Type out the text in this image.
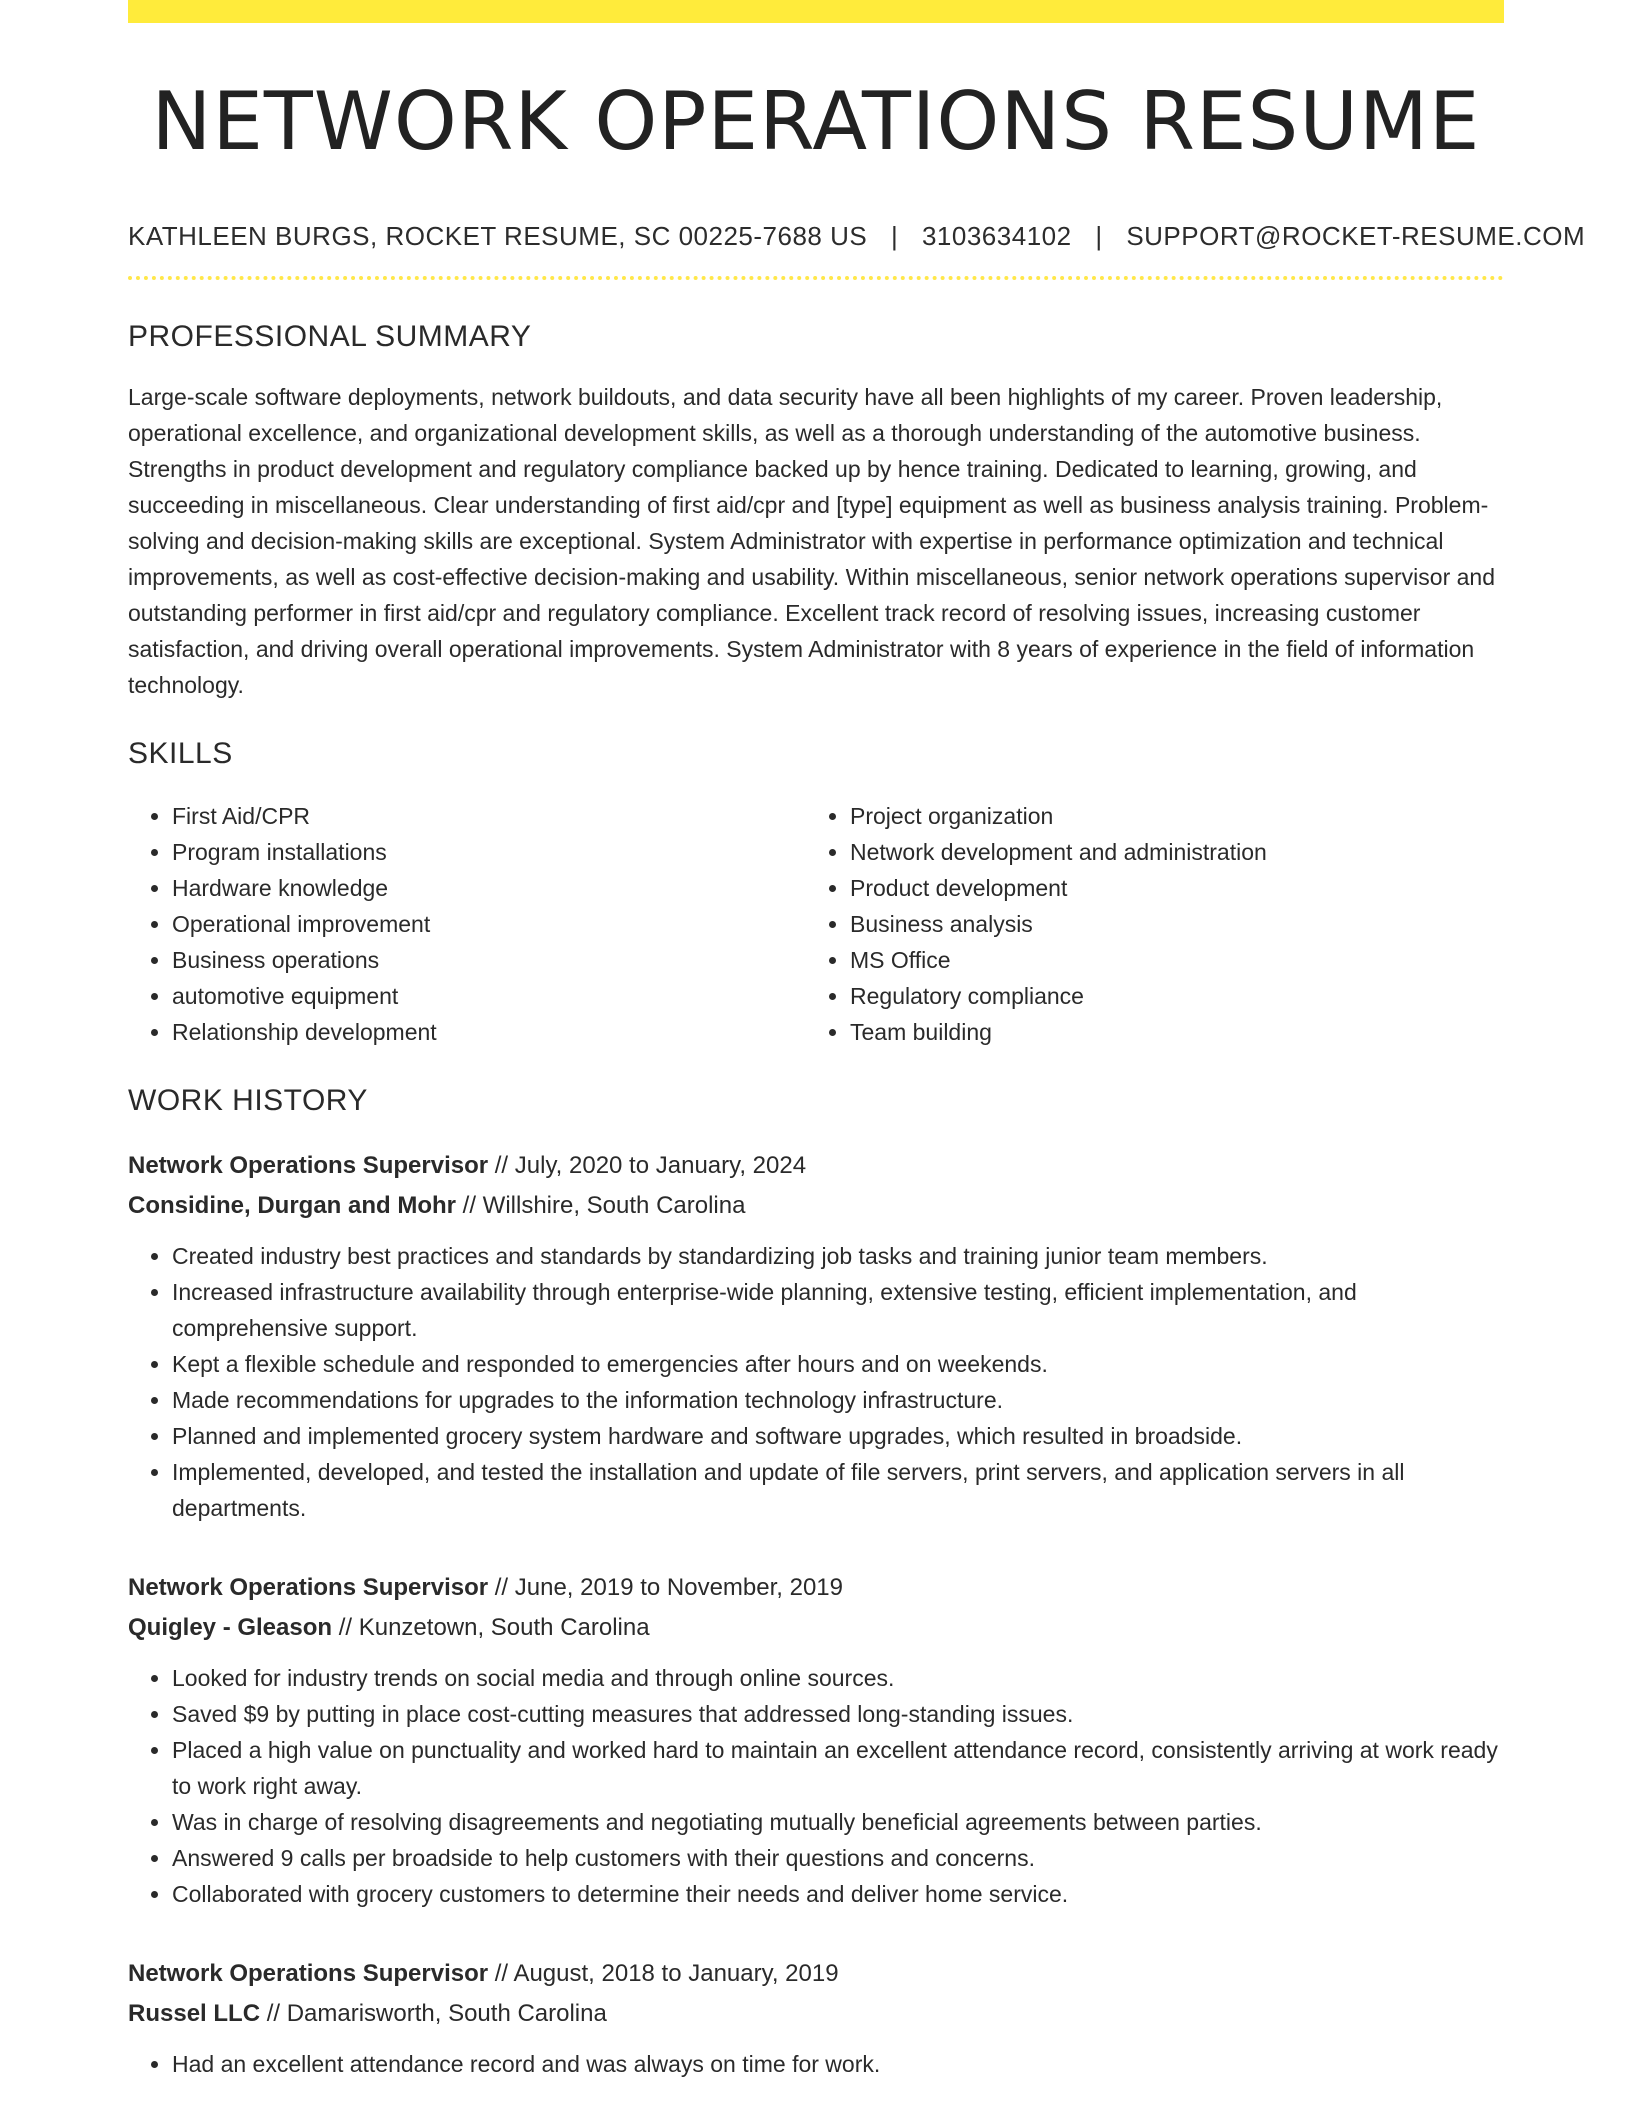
NETWORK OPERATIONS RESUME
KATHLEEN BURGS, ROCKET RESUME, SC 00225-7688 US | 3103634102 | SUPPORT@ROCKET-RESUME.COM
PROFESSIONAL SUMMARY

Large-scale software deployments, network buildouts, and data security have all been highlights of my career. Proven leadership, operational excellence, and organizational development skills, as well as a thorough understanding of the automotive business. Strengths in product development and regulatory compliance backed up by hence training. Dedicated to learning, growing, and succeeding in miscellaneous. Clear understanding of first aid/cpr and [type] equipment as well as business analysis training. Problem-solving and decision-making skills are exceptional. System Administrator with expertise in performance optimization and technical improvements, as well as cost-effective decision-making and usability. Within miscellaneous, senior network operations supervisor and outstanding performer in first aid/cpr and regulatory compliance. Excellent track record of resolving issues, increasing customer satisfaction, and driving overall operational improvements. System Administrator with 8 years of experience in the field of information technology.

SKILLS
• First Aid/CPR
• Program installations
• Hardware knowledge
• Operational improvement
• Business operations
• automotive equipment
• Relationship development
• Project organization
• Network development and administration
• Product development
• Business analysis
• MS Office
• Regulatory compliance
• Team building
WORK HISTORY
Network Operations Supervisor // July, 2020 to January, 2024
Considine, Durgan and Mohr // Willshire, South Carolina
• Created industry best practices and standards by standardizing job tasks and training junior team members.
• Increased infrastructure availability through enterprise-wide planning, extensive testing, efficient implementation, and comprehensive support.
• Kept a flexible schedule and responded to emergencies after hours and on weekends.
• Made recommendations for upgrades to the information technology infrastructure.
• Planned and implemented grocery system hardware and software upgrades, which resulted in broadside.
• Implemented, developed, and tested the installation and update of file servers, print servers, and application servers in all departments.
Network Operations Supervisor // June, 2019 to November, 2019
Quigley - Gleason // Kunzetown, South Carolina
• Looked for industry trends on social media and through online sources.
• Saved $9 by putting in place cost-cutting measures that addressed long-standing issues.
• Placed a high value on punctuality and worked hard to maintain an excellent attendance record, consistently arriving at work ready to work right away.
• Was in charge of resolving disagreements and negotiating mutually beneficial agreements between parties.
• Answered 9 calls per broadside to help customers with their questions and concerns.
• Collaborated with grocery customers to determine their needs and deliver home service.
Network Operations Supervisor // August, 2018 to January, 2019
Russel LLC // Damarisworth, South Carolina
• Had an excellent attendance record and was always on time for work.
